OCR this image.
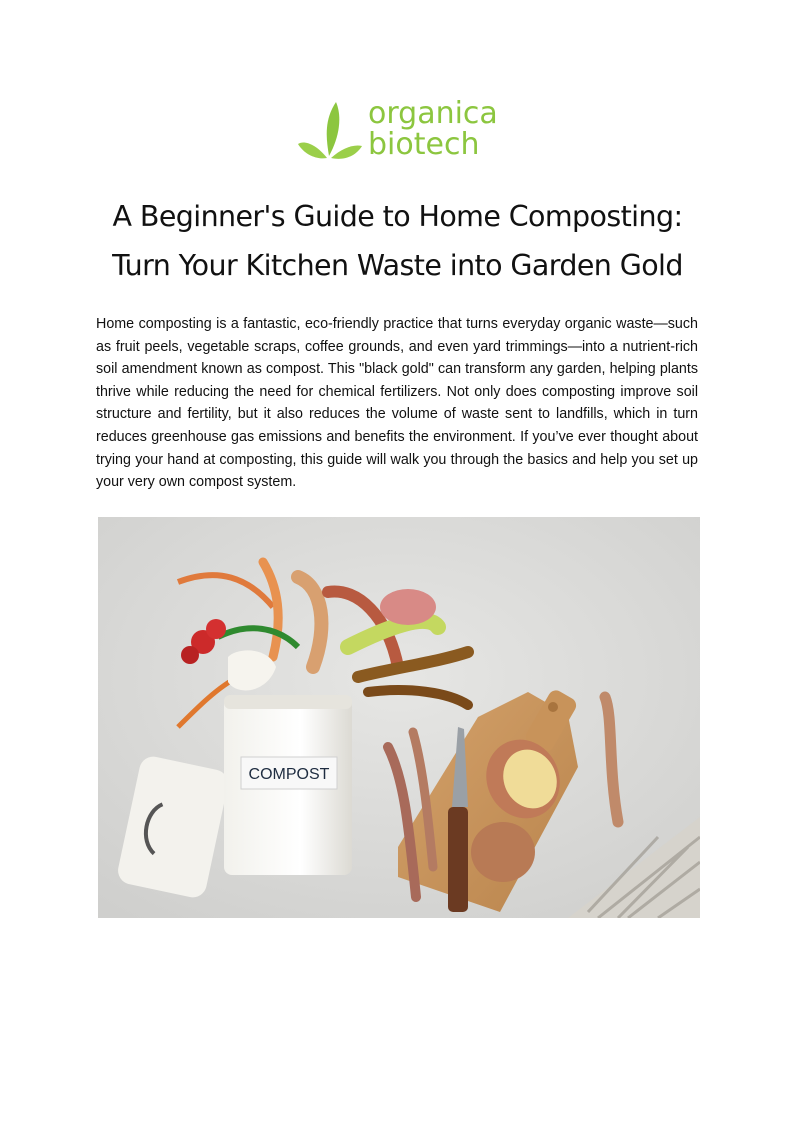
organica
biotech
A Beginner's Guide to Home Composting:
Turn Your Kitchen Waste into Garden Gold

Home composting is a fantastic, eco-friendly practice that turns everyday organic waste—such as fruit peels, vegetable scraps, coffee grounds, and even yard trimmings—into a nutrient-rich soil amendment known as compost. This "black gold" can transform any garden, helping plants thrive while reducing the need for chemical fertilizers. Not only does composting improve soil structure and fertility, but it also reduces the volume of waste sent to landfills, which in turn reduces greenhouse gas emissions and benefits the environment. If you’ve ever thought about trying your hand at composting, this guide will walk you through the basics and help you set up your very own compost system.

COMPOST
